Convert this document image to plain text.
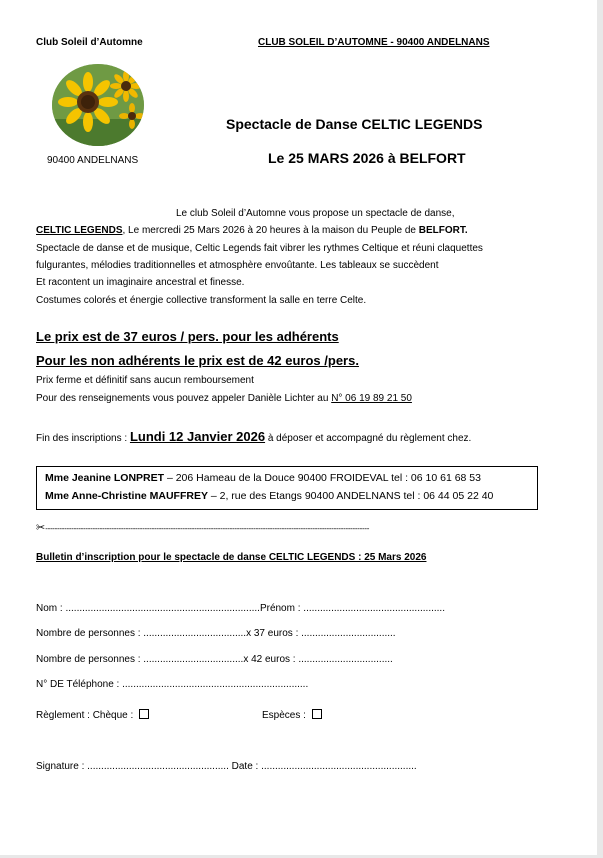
Club Soleil d’Automne	CLUB SOLEIL D’AUTOMNE - 90400 ANDELNANS
90400 ANDELNANS
Spectacle de Danse CELTIC LEGENDS
Le 25 MARS 2026 à BELFORT
Le club Soleil d’Automne vous propose un spectacle de danse,
CELTIC LEGENDS, Le mercredi 25 Mars 2026 à 20 heures à la maison du Peuple de BELFORT.
Spectacle de danse et de musique, Celtic Legends fait vibrer les rythmes Celtique et réuni claquettes
fulgurantes, mélodies traditionnelles et atmosphère envoûtante. Les tableaux se succèdent
Et racontent un imaginaire ancestral et finesse.
Costumes colorés et énergie collective transforment la salle en terre Celte.
Le prix est de 37 euros / pers. pour les adhérents
Pour les non adhérents le prix est de 42 euros /pers.
Prix ferme et définitif sans aucun remboursement
Pour des renseignements vous pouvez appeler Danièle Lichter au N° 06 19 89 21 50
Fin des inscriptions : Lundi 12 Janvier 2026 à déposer et accompagné du règlement chez.
Mme Jeanine LONPRET – 206 Hameau de la Douce 90400 FROIDEVAL tel : 06 10 61 68 53
Mme Anne-Christine MAUFFREY – 2, rue des Etangs 90400 ANDELNANS tel : 06 44 05 22 40
✂-----------------------------------------------------------------------------------------------------------------------------------------
Bulletin d’inscription pour le spectacle de danse CELTIC LEGENDS : 25 Mars 2026
Nom : ......................................................................Prénom : ...................................................
Nombre de personnes : .....................................x 37 euros : ..................................
Nombre de personnes : ....................................x 42 euros : ..................................
N° DE Téléphone : ...................................................................
Règlement : Chèque :	Espèces :
Signature : ................................................... Date : ........................................................
